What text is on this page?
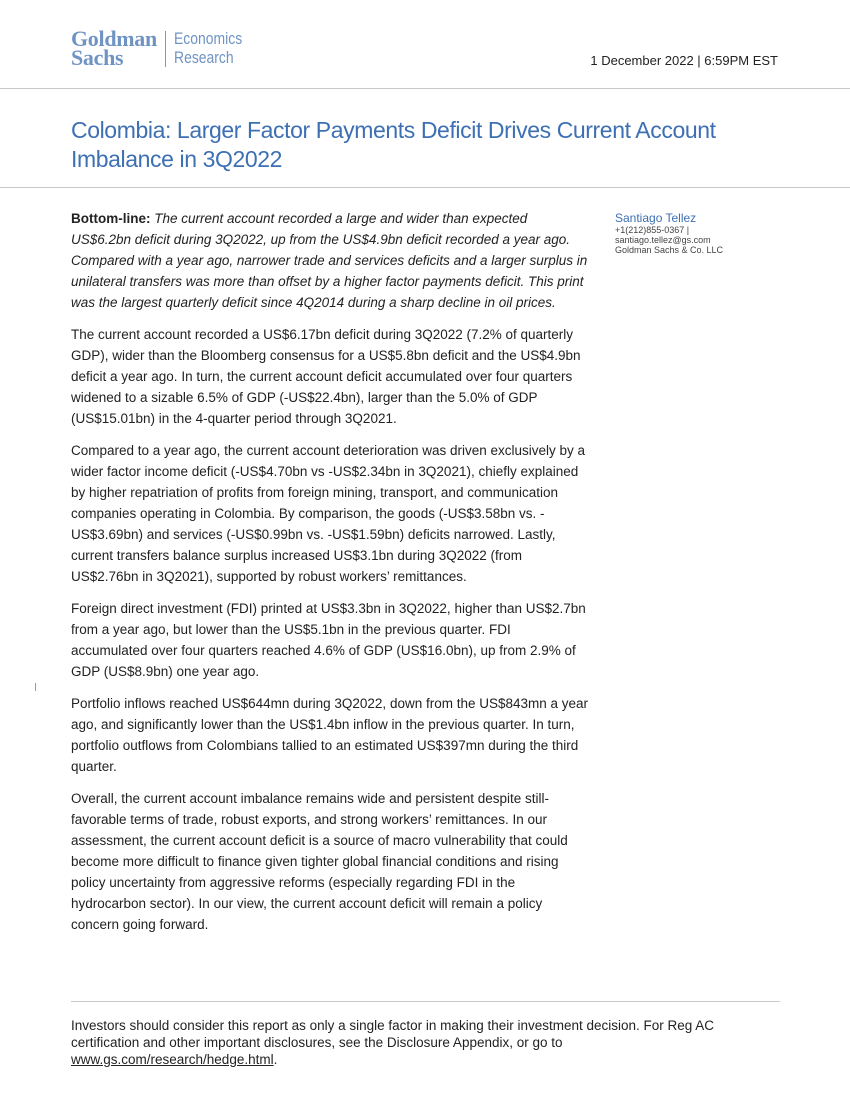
Goldman
Sachs
Economics
Research	1 December 2022 | 6:59PM EST
Colombia: Larger Factor Payments Deficit Drives Current Account Imbalance in 3Q2022

Bottom-line: The current account recorded a large and wider than expected US$6.2bn deficit during 3Q2022, up from the US$4.9bn deficit recorded a year ago. Compared with a year ago, narrower trade and services deficits and a larger surplus in unilateral transfers was more than offset by a higher factor payments deficit. This print was the largest quarterly deficit since 4Q2014 during a sharp decline in oil prices.

The current account recorded a US$6.17bn deficit during 3Q2022 (7.2% of quarterly GDP), wider than the Bloomberg consensus for a US$5.8bn deficit and the US$4.9bn deficit a year ago. In turn, the current account deficit accumulated over four quarters widened to a sizable 6.5% of GDP (-US$22.4bn), larger than the 5.0% of GDP (US$15.01bn) in the 4-quarter period through 3Q2021.

Compared to a year ago, the current account deterioration was driven exclusively by a wider factor income deficit (-US$4.70bn vs -US$2.34bn in 3Q2021), chiefly explained by higher repatriation of profits from foreign mining, transport, and communication companies operating in Colombia. By comparison, the goods (-US$3.58bn vs. -US$3.69bn) and services (-US$0.99bn vs. -US$1.59bn) deficits narrowed. Lastly, current transfers balance surplus increased US$3.1bn during 3Q2022 (from US$2.76bn in 3Q2021), supported by robust workers’ remittances.

Foreign direct investment (FDI) printed at US$3.3bn in 3Q2022, higher than US$2.7bn from a year ago, but lower than the US$5.1bn in the previous quarter. FDI accumulated over four quarters reached 4.6% of GDP (US$16.0bn), up from 2.9% of GDP (US$8.9bn) one year ago.

Portfolio inflows reached US$644mn during 3Q2022, down from the US$843mn a year ago, and significantly lower than the US$1.4bn inflow in the previous quarter. In turn, portfolio outflows from Colombians tallied to an estimated US$397mn during the third quarter.

Overall, the current account imbalance remains wide and persistent despite still-favorable terms of trade, robust exports, and strong workers’ remittances. In our assessment, the current account deficit is a source of macro vulnerability that could become more difficult to finance given tighter global financial conditions and rising policy uncertainty from aggressive reforms (especially regarding FDI in the hydrocarbon sector). In our view, the current account deficit will remain a policy concern going forward.

Santiago Tellez
+1(212)855-0367 |
santiago.tellez@gs.com
Goldman Sachs & Co. LLC
Investors should consider this report as only a single factor in making their investment decision. For Reg AC certification and other important disclosures, see the Disclosure Appendix, or go to www.gs.com/research/hedge.html.
